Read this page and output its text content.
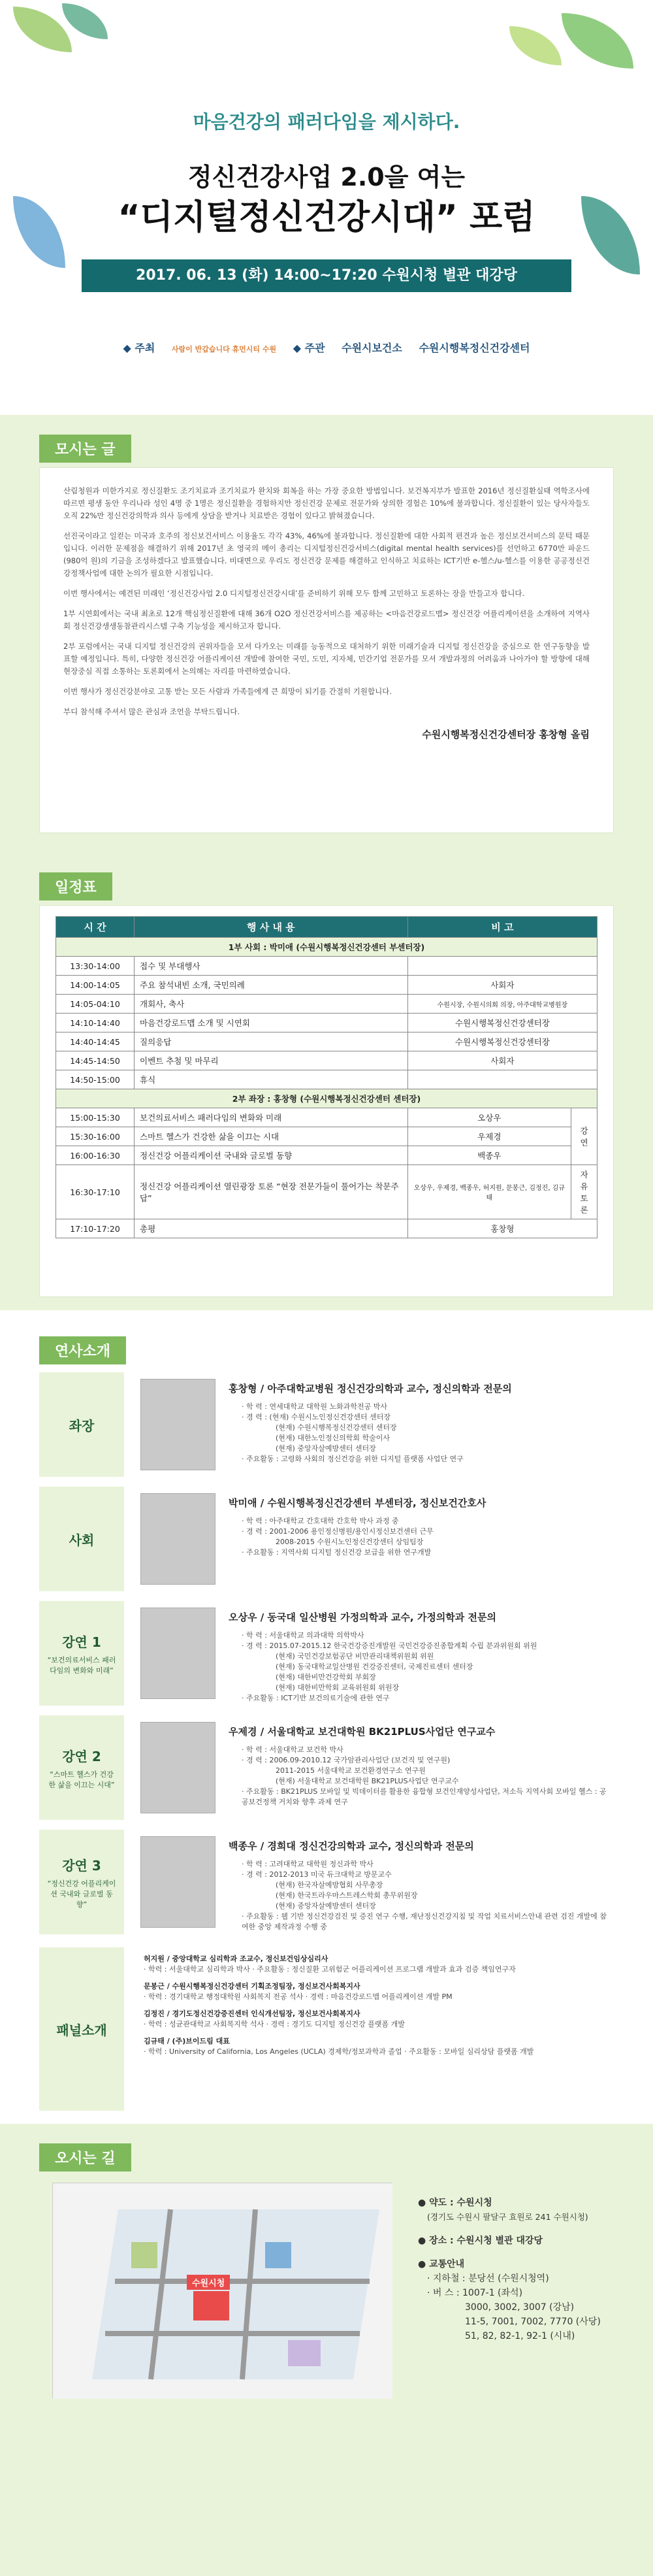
마음건강의 패러다임을 제시하다.
정신건강사업 2.0을 여는
“디지털정신건강시대” 포럼
2017. 06. 13 (화) 14:00~17:20 수원시청 별관 대강당
◆ 주최 사람이 반갑습니다 휴먼시티 수원 ◆ 주관 수원시보건소 수원시행복정신건강센터
모시는 글

산림청원과 미한가지로 정신질환도 조기치료과 조기치료가 완치와 회복을 하는 가장 중요한 방법입니다. 보건복지부가 발표한 2016년 정신질환실태 역학조사에 따르면 평생 동안 우리나라 성인 4명 중 1명은 정신질환을 경험하지만 정신건강 문제로 전문가와 상의한 경험은 10%에 불과합니다. 정신질환이 있는 당사자들도 오직 22%만 정신건강의학과 의사 등에게 상담을 받거나 치료받은 경험이 있다고 밝혀졌습니다.

선진국이라고 일컫는 미국과 호주의 정신보건서비스 이용율도 각각 43%, 46%에 불과합니다. 정신질환에 대한 사회적 편견과 높은 정신보건서비스의 문턱 때문입니다. 이러한 문제점을 해결하기 위해 2017년 초 영국의 메이 총리는 디지털정신건강서비스(digital mental health services)를 선언하고 6770만 파운드(980억 원)의 기금을 조성하겠다고 발표했습니다. 비대면으로 우리도 정신건강 문제를 해결하고 인식하고 치료하는 ICT기반 e-헬스/u-헬스를 이용한 공공정신건강정책사업에 대한 논의가 필요한 시점입니다.

이번 행사에서는 예견된 미래인 ‘정신건강사업 2.0 디지털정신건강시대’를 준비하기 위해 모두 함께 고민하고 토론하는 장을 만들고자 합니다.

1부 시연회에서는 국내 최초로 12개 핵심정신질환에 대해 36개 O2O 정신건강서비스를 제공하는 <마음건강로드맵> 정신건강 어플리케이션을 소개하여 지역사회 정신건강생생동참관리시스템 구축 기능성을 제시하고자 합니다.

2부 포럼에서는 국내 디지털 정신건강의 권위자들을 모셔 다가오는 미래를 능동적으로 대처하기 위한 미래기술과 디지털 정신건강을 중심으로 한 연구동향을 발표할 예정입니다. 특히, 다양한 정신건강 어플리케이션 개발에 참여한 국민, 도민, 지자체, 민간기업 전문가를 모셔 개발과정의 어려움과 나아가야 할 방향에 대해 현장중심 직접 소통하는 토론회에서 논의해는 자리를 마련하였습니다.

이번 행사가 정신건강분야로 고통 받는 모든 사람과 가족들에게 큰 희망이 되기를 간절히 기원합니다.

부디 참석해 주셔서 많은 관심과 조언을 부탁드립니다.

수원시행복정신건강센터장 홍창형 올림
일정표
시 간	행 사 내 용	비 고	
1부 사회 : 박미애 (수원시행복정신건강센터 부센터장)			
13:30-14:00	접수 및 부대행사		
14:00-14:05	주요 참석내빈 소개, 국민의례	사회자	
14:05-04:10	개회사, 축사	수원시장, 수원시의회 의장, 아주대학교병원장	
14:10-14:40	마음건강로드맵 소개 및 시연회	수원시행복정신건강센터장	
14:40-14:45	질의응답	수원시행복정신건강센터장	
14:45-14:50	이벤트 추첨 및 마무리	사회자	
14:50-15:00	휴식		
2부 좌장 : 홍창형 (수원시행복정신건강센터 센터장)			
15:00-15:30	보건의료서비스 패러다임의 변화와 미래	오상우	강연
15:30-16:00	스마트 헬스가 건강한 삶을 이끄는 시대	우제경	
16:00-16:30	정신건강 어플리케이션 국내와 글로벌 동향	백종우	
16:30-17:10	정신건강 어플리케이션 열린광장 토론 “현장 전문가들이 풀어가는 착문주답”	오상우, 우제경, 백종우, 허지원, 문봉근, 김정진, 김규태	자유토론
17:10-17:20	총평	홍창형	
연사소개
좌장
홍창형 / 아주대학교병원 정신건강의학과 교수, 정신의학과 전문의
· 학 력 : 연세대학교 대학원 노화과학전공 박사
· 경 력 : (현재) 수원시노인정신건강센터 센터장
(현재) 수원시행복정신건강센터 센터장
(현재) 대한노인정신의학회 학술이사
(현재) 중앙자살예방센터 센터장
· 주요활동 : 고령화 사회의 정신건강을 위한 디지털 플랫폼 사업단 연구
사회
박미애 / 수원시행복정신건강센터 부센터장, 정신보건간호사
· 학 력 : 아주대학교 간호대학 간호학 박사 과정 중
· 경 력 : 2001-2006 용인정신병원/용인시정신보건센터 근무
2008-2015 수원시노인정신건강센터 상임팀장
· 주요활동 : 지역사회 디지털 정신건강 보급을 위한 연구개발
강연 1
“보건의료서비스 패러다임의 변화와 미래”
오상우 / 동국대 일산병원 가정의학과 교수, 가정의학과 전문의
· 학 력 : 서울대학교 의과대학 의학박사
· 경 력 : 2015.07-2015.12 한국건강증진개발원 국민건강증진종합계획 수립 분과위원회 위원
(현재) 국민건강보험공단 비만관리대책위원회 위원
(현재) 동국대학교일산병원 건강증진센터, 국제진료센터 센터장
(현재) 대한비만건강학회 부회장
(현재) 대한비만학회 교육위원회 위원장
· 주요활동 : ICT기반 보건의료기술에 관한 연구
강연 2
“스마트 헬스가 건강한 삶을 이끄는 시대”
우제경 / 서울대학교 보건대학원 BK21PLUS사업단 연구교수
· 학 력 : 서울대학교 보건학 박사
· 경 력 : 2006.09-2010.12 국가암관리사업단 (보건직 및 연구원)
2011-2015 서울대학교 보건환경연구소 연구원
(현재) 서울대학교 보건대학원 BK21PLUS사업단 연구교수
· 주요활동 : BK21PLUS 모바일 및 빅데이터를 활용한 융합형 보건인재양성사업단, 저소득 지역사회 모바일 헬스 : 공공보건정책 거치와 향후 과제 연구
강연 3
“정신건강 어플리케이션 국내와 글로벌 동향”
백종우 / 경희대 정신건강의학과 교수, 정신의학과 전문의
· 학 력 : 고려대학교 대학원 정신과학 박사
· 경 력 : 2012-2013 미국 듀크대학교 방문교수
(현재) 한국자살예방협회 사무총장
(현재) 한국트라우마스트레스학회 총무위원장
(현재) 중앙자살예방센터 센터장
· 주요활동 : 웹 기반 정신건강검진 및 증진 연구 수행, 재난정신건강지침 및 작업 치료서비스안내 관련 검진 개발에 참여한 중앙 제작과정 수행 중
패널소개
허지원 / 중앙대학교 심리학과 조교수, 정신보건임상심리사
· 학력 : 서울대학교 심리학과 박사 · 주요활동 : 정신질환 고위험군 어플리케이션 프로그램 개발과 효과 검증 책임연구자
문봉근 / 수원시행복정신건강센터 기획조정팀장, 정신보건사회복지사
· 학력 : 경기대학교 행정대학원 사회복지 전공 석사 · 경력 : 마음건강로드맵 어플리케이션 개발 PM
김정진 / 경기도정신건강증진센터 인식개선팀장, 정신보건사회복지사
· 학력 : 성균관대학교 사회복지학 석사 · 경력 : 경기도 디지털 정신건강 플랫폼 개발
김규태 / (주)브이드림 대표
· 학력 : University of California, Los Angeles (UCLA) 경제학/정보과학과 졸업 · 주요활동 : 모바일 심리상담 플랫폼 개발
오시는 길
수원시청
● 약도 : 수원시청
(경기도 수원시 팔달구 효원로 241 수원시청)
● 장소 : 수원시청 별관 대강당
● 교통안내
· 지하철 : 분당선 (수원시청역)
· 버 스 : 1007-1 (좌석)
3000, 3002, 3007 (강남)
11-5, 7001, 7002, 7770 (사당)
51, 82, 82-1, 92-1 (시내)
